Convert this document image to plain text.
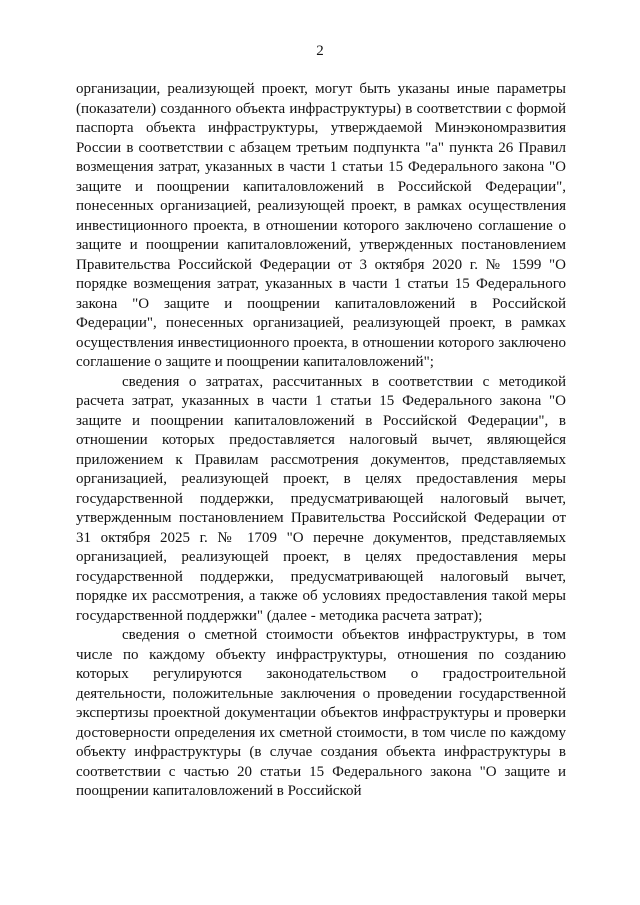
2

организации, реализующей проект, могут быть указаны иные параметры (показатели) созданного объекта инфраструктуры) в соответствии с формой паспорта объекта инфраструктуры, утверждаемой Минэкономразвития России в соответствии с абзацем третьим подпункта "а" пункта 26 Правил возмещения затрат, указанных в части 1 статьи 15 Федерального закона "О защите и поощрении капиталовложений в Российской Федерации", понесенных организацией, реализующей проект, в рамках осуществления инвестиционного проекта, в отношении которого заключено соглашение о защите и поощрении капиталовложений, утвержденных постановлением Правительства Российской Федерации от 3 октября 2020 г. № 1599 "О порядке возмещения затрат, указанных в части 1 статьи 15 Федерального закона "О защите и поощрении капиталовложений в Российской Федерации", понесенных организацией, реализующей проект, в рамках осуществления инвестиционного проекта, в отношении которого заключено соглашение о защите и поощрении капиталовложений";

сведения о затратах, рассчитанных в соответствии с методикой расчета затрат, указанных в части 1 статьи 15 Федерального закона "О защите и поощрении капиталовложений в Российской Федерации", в отношении которых предоставляется налоговый вычет, являющейся приложением к Правилам рассмотрения документов, представляемых организацией, реализующей проект, в целях предоставления меры государственной поддержки, предусматривающей налоговый вычет, утвержденным постановлением Правительства Российской Федерации от 31 октября 2025 г. № 1709 "О перечне документов, представляемых организацией, реализующей проект, в целях предоставления меры государственной поддержки, предусматривающей налоговый вычет, порядке их рассмотрения, а также об условиях предоставления такой меры государственной поддержки" (далее - методика расчета затрат);

сведения о сметной стоимости объектов инфраструктуры, в том числе по каждому объекту инфраструктуры, отношения по созданию которых регулируются законодательством о градостроительной деятельности, положительные заключения о проведении государственной экспертизы проектной документации объектов инфраструктуры и проверки достоверности определения их сметной стоимости, в том числе по каждому объекту инфраструктуры (в случае создания объекта инфраструктуры в соответствии с частью 20 статьи 15 Федерального закона "О защите и поощрении капиталовложений в Российской
